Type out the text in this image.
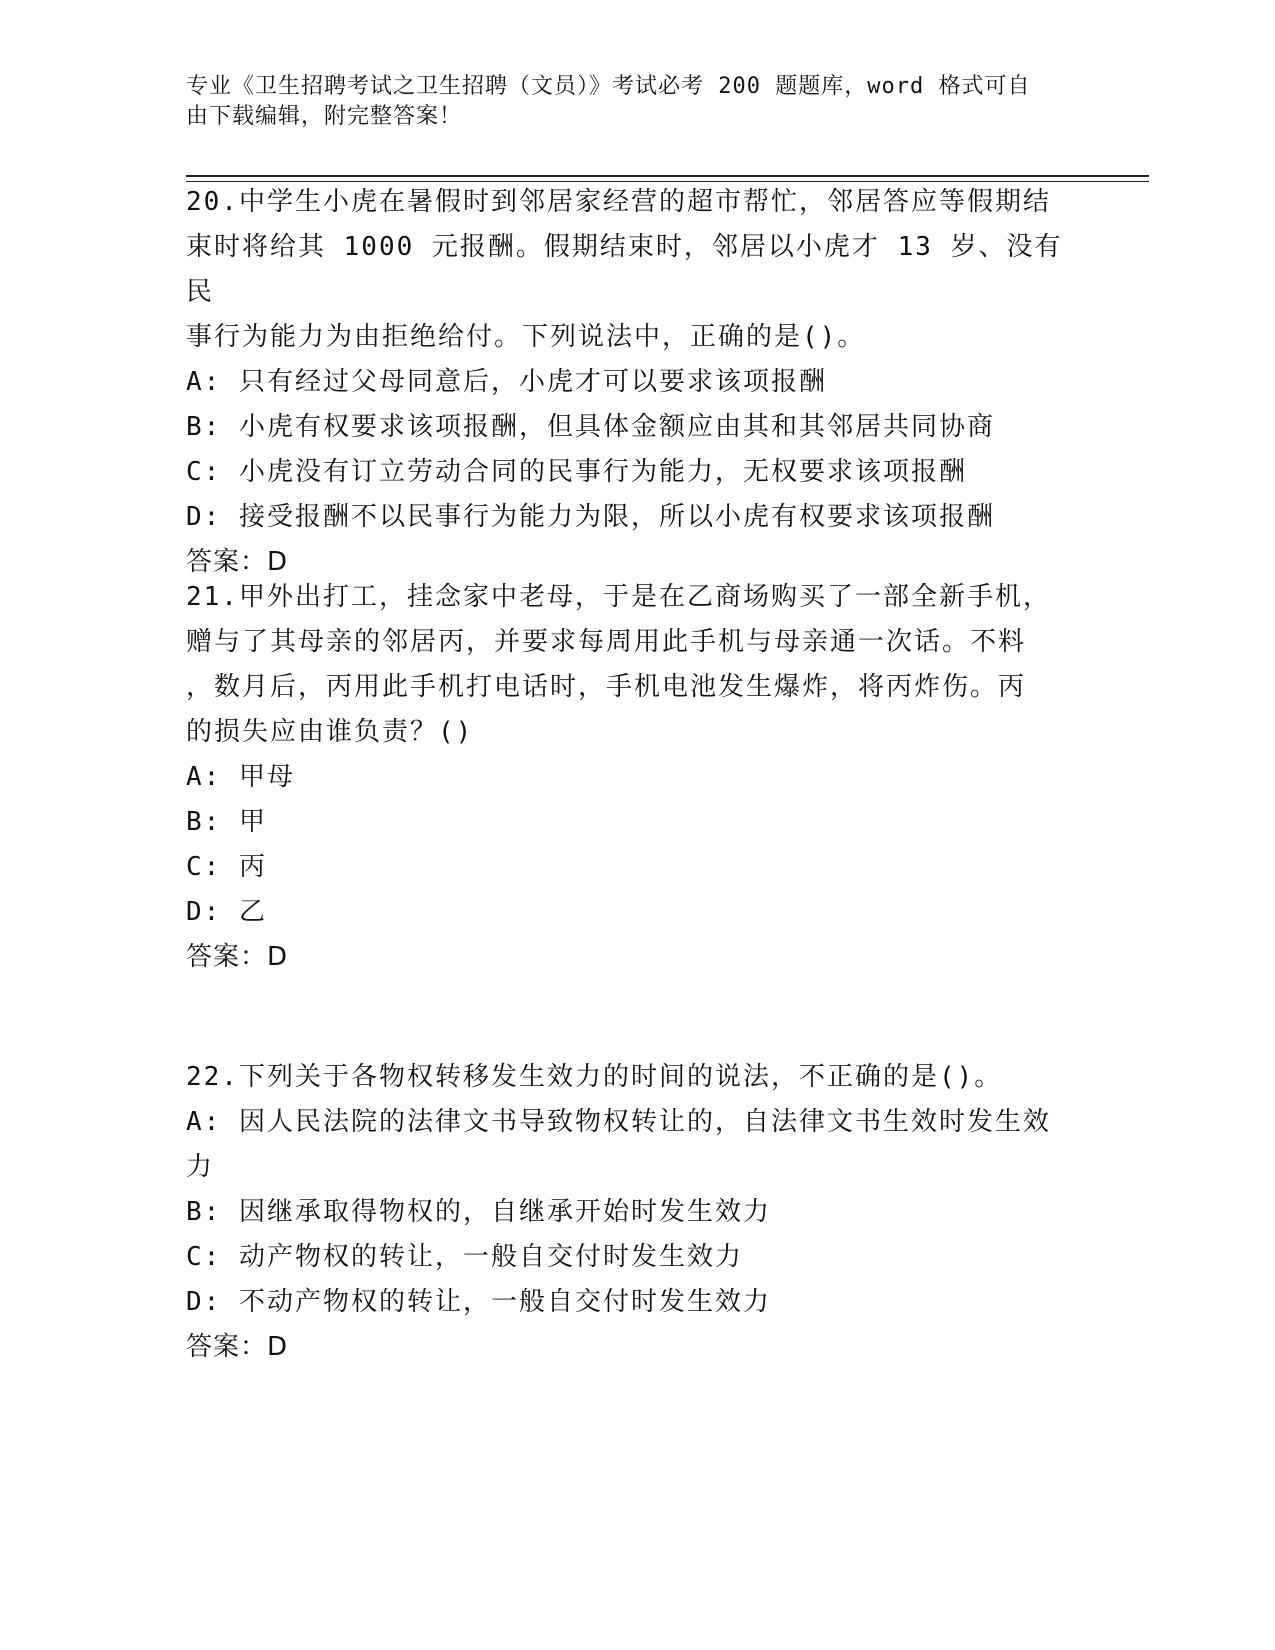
专业《卫生招聘考试之卫生招聘（文员）》考试必考 200 题题库，word 格式可自
由下载编辑，附完整答案！
20.中学生小虎在暑假时到邻居家经营的超市帮忙，邻居答应等假期结
束时将给其 1000 元报酬。假期结束时，邻居以小虎才 13 岁、没有民
事行为能力为由拒绝给付。下列说法中，正确的是()。
A: 只有经过父母同意后，小虎才可以要求该项报酬
B: 小虎有权要求该项报酬，但具体金额应由其和其邻居共同协商
C: 小虎没有订立劳动合同的民事行为能力，无权要求该项报酬
D: 接受报酬不以民事行为能力为限，所以小虎有权要求该项报酬
答案：D
21.甲外出打工，挂念家中老母，于是在乙商场购买了一部全新手机，
赠与了其母亲的邻居丙，并要求每周用此手机与母亲通一次话。不料
，数月后，丙用此手机打电话时，手机电池发生爆炸，将丙炸伤。丙
的损失应由谁负责？()
A: 甲母
B: 甲
C: 丙
D: 乙
答案：D
22.下列关于各物权转移发生效力的时间的说法，不正确的是()。
A: 因人民法院的法律文书导致物权转让的，自法律文书生效时发生效
力
B: 因继承取得物权的，自继承开始时发生效力
C: 动产物权的转让，一般自交付时发生效力
D: 不动产物权的转让，一般自交付时发生效力
答案：D
